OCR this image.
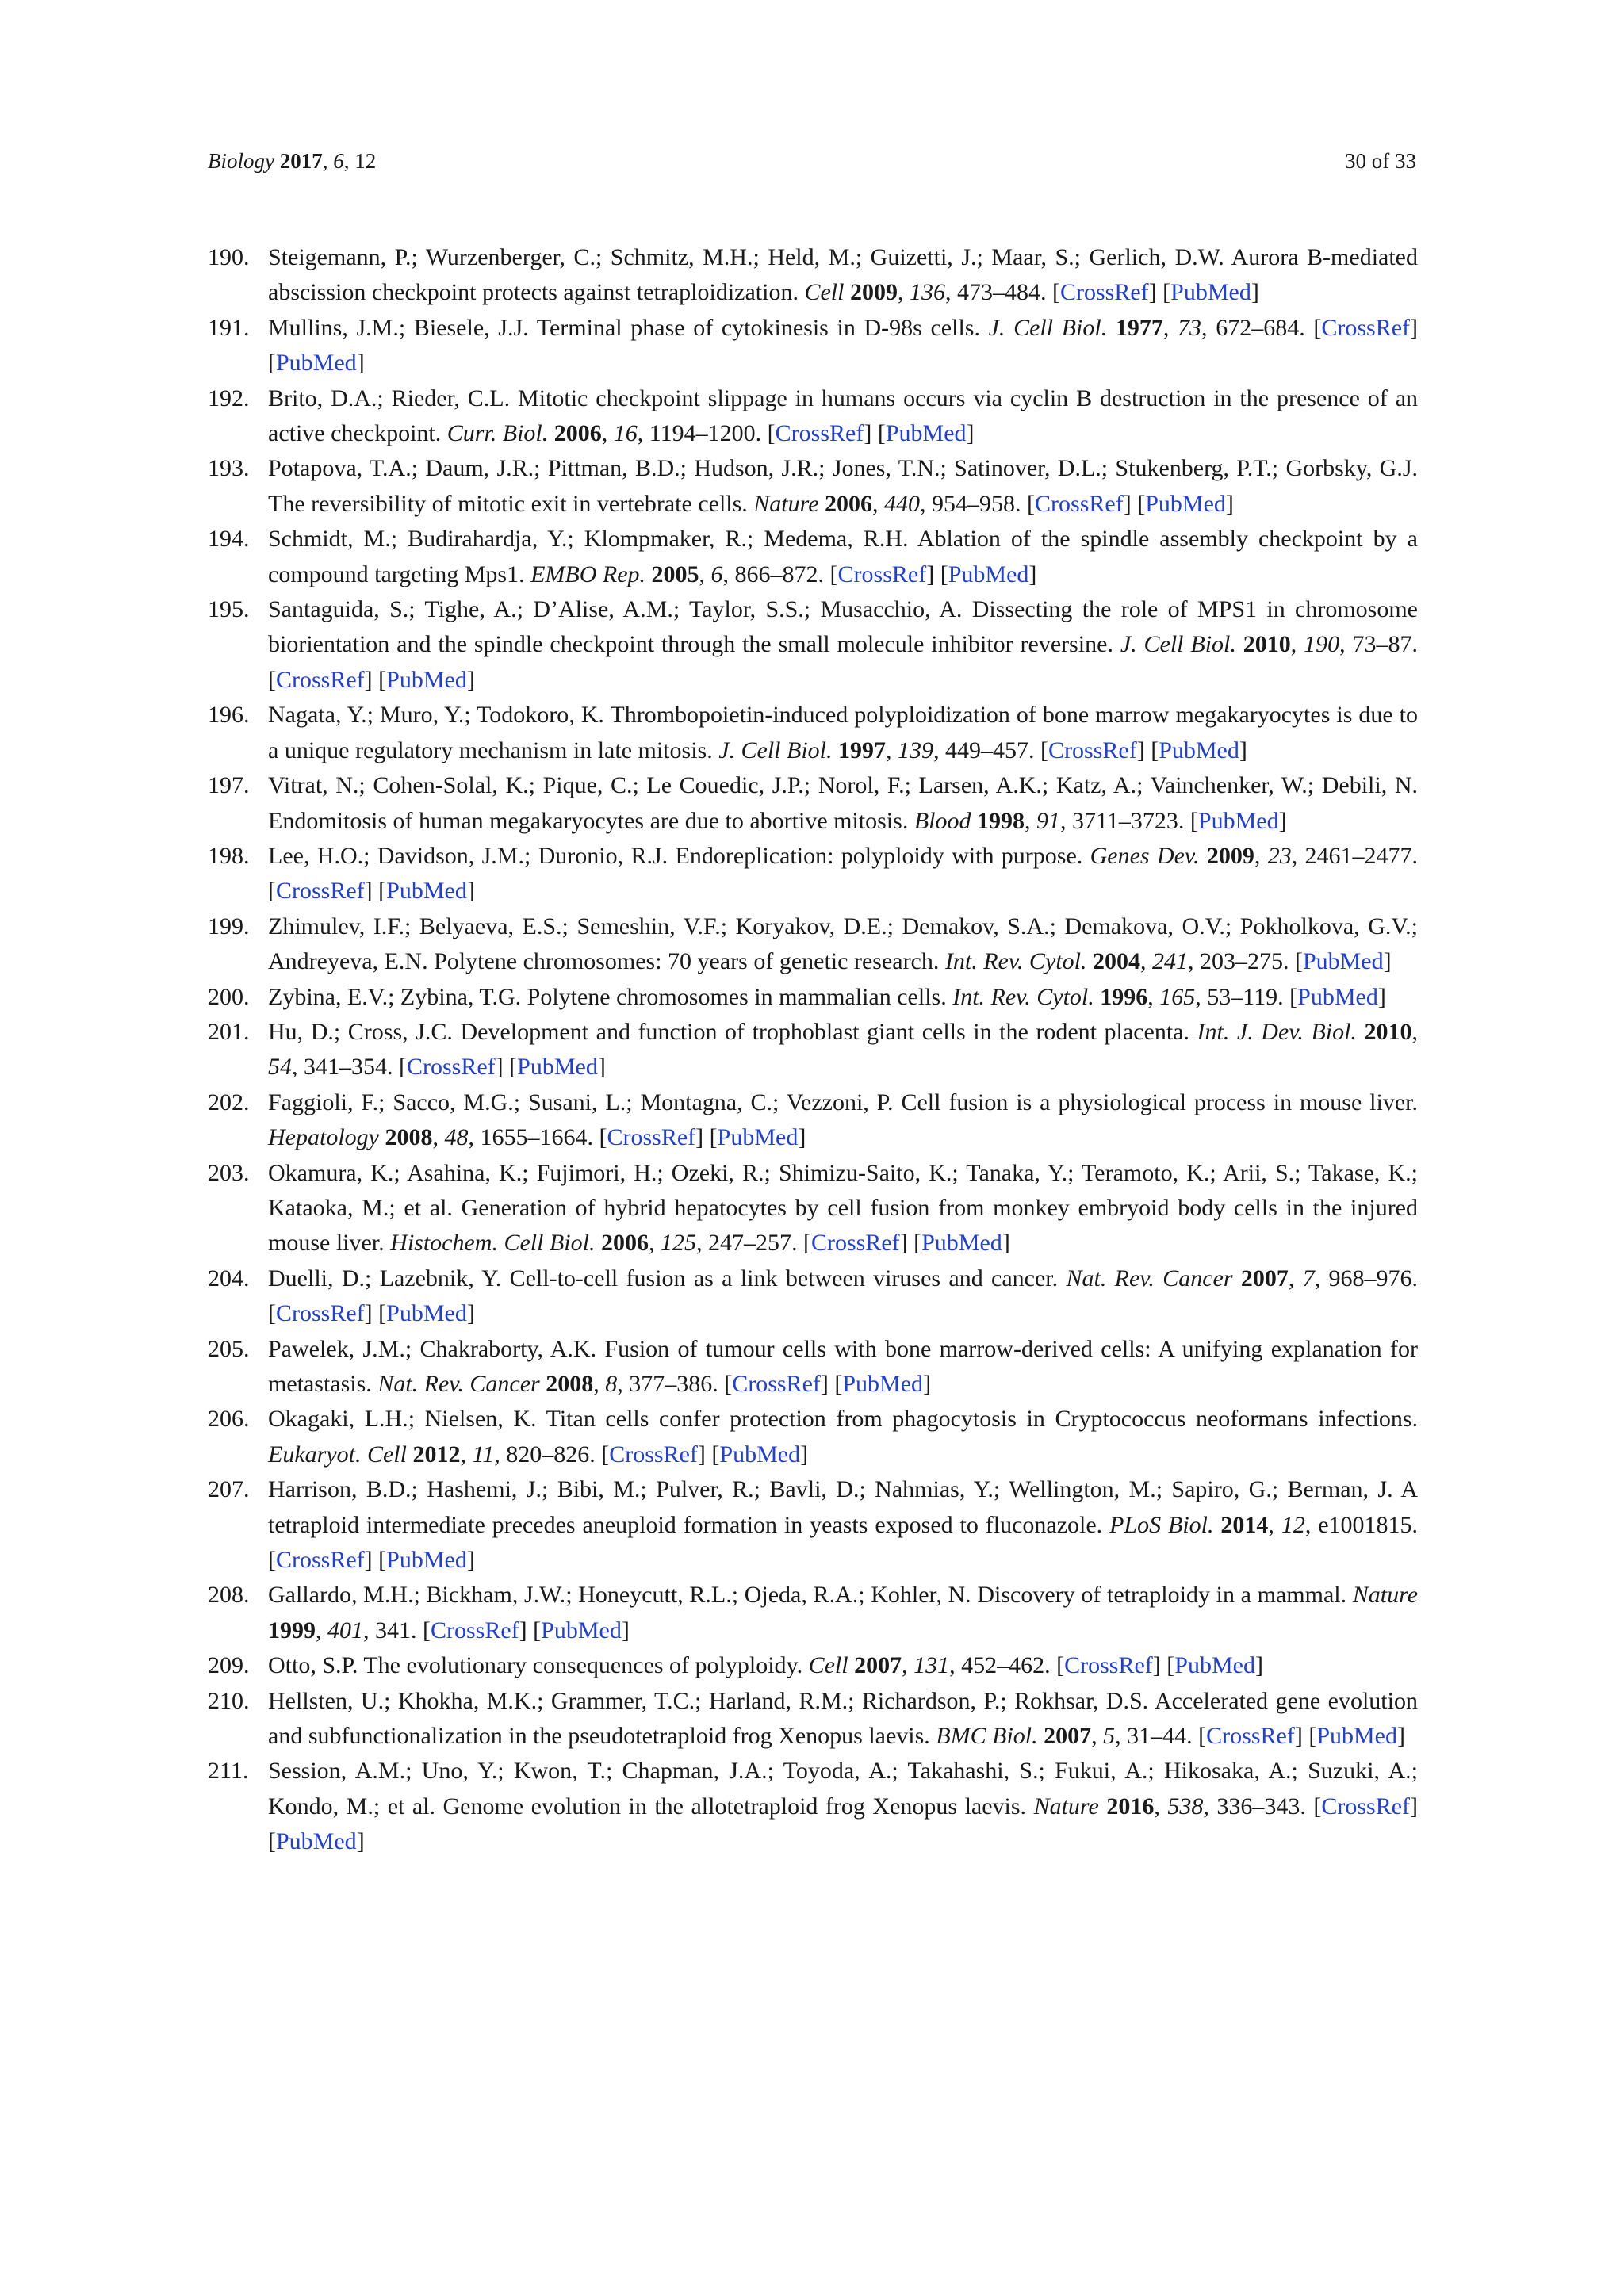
Biology 2017, 6, 12	30 of 33
190. Steigemann, P.; Wurzenberger, C.; Schmitz, M.H.; Held, M.; Guizetti, J.; Maar, S.; Gerlich, D.W. Aurora B-mediated abscission checkpoint protects against tetraploidization. Cell 2009, 136, 473–484. [CrossRef] [PubMed]
191. Mullins, J.M.; Biesele, J.J. Terminal phase of cytokinesis in D-98s cells. J. Cell Biol. 1977, 73, 672–684. [CrossRef] [PubMed]
192. Brito, D.A.; Rieder, C.L. Mitotic checkpoint slippage in humans occurs via cyclin B destruction in the presence of an active checkpoint. Curr. Biol. 2006, 16, 1194–1200. [CrossRef] [PubMed]
193. Potapova, T.A.; Daum, J.R.; Pittman, B.D.; Hudson, J.R.; Jones, T.N.; Satinover, D.L.; Stukenberg, P.T.; Gorbsky, G.J. The reversibility of mitotic exit in vertebrate cells. Nature 2006, 440, 954–958. [CrossRef] [PubMed]
194. Schmidt, M.; Budirahardja, Y.; Klompmaker, R.; Medema, R.H. Ablation of the spindle assembly checkpoint by a compound targeting Mps1. EMBO Rep. 2005, 6, 866–872. [CrossRef] [PubMed]
195. Santaguida, S.; Tighe, A.; D’Alise, A.M.; Taylor, S.S.; Musacchio, A. Dissecting the role of MPS1 in chromosome biorientation and the spindle checkpoint through the small molecule inhibitor reversine. J. Cell Biol. 2010, 190, 73–87. [CrossRef] [PubMed]
196. Nagata, Y.; Muro, Y.; Todokoro, K. Thrombopoietin-induced polyploidization of bone marrow megakaryocytes is due to a unique regulatory mechanism in late mitosis. J. Cell Biol. 1997, 139, 449–457. [CrossRef] [PubMed]
197. Vitrat, N.; Cohen-Solal, K.; Pique, C.; Le Couedic, J.P.; Norol, F.; Larsen, A.K.; Katz, A.; Vainchenker, W.; Debili, N. Endomitosis of human megakaryocytes are due to abortive mitosis. Blood 1998, 91, 3711–3723. [PubMed]
198. Lee, H.O.; Davidson, J.M.; Duronio, R.J. Endoreplication: polyploidy with purpose. Genes Dev. 2009, 23, 2461–2477. [CrossRef] [PubMed]
199. Zhimulev, I.F.; Belyaeva, E.S.; Semeshin, V.F.; Koryakov, D.E.; Demakov, S.A.; Demakova, O.V.; Pokholkova, G.V.; Andreyeva, E.N. Polytene chromosomes: 70 years of genetic research. Int. Rev. Cytol. 2004, 241, 203–275. [PubMed]
200. Zybina, E.V.; Zybina, T.G. Polytene chromosomes in mammalian cells. Int. Rev. Cytol. 1996, 165, 53–119. [PubMed]
201. Hu, D.; Cross, J.C. Development and function of trophoblast giant cells in the rodent placenta. Int. J. Dev. Biol. 2010, 54, 341–354. [CrossRef] [PubMed]
202. Faggioli, F.; Sacco, M.G.; Susani, L.; Montagna, C.; Vezzoni, P. Cell fusion is a physiological process in mouse liver. Hepatology 2008, 48, 1655–1664. [CrossRef] [PubMed]
203. Okamura, K.; Asahina, K.; Fujimori, H.; Ozeki, R.; Shimizu-Saito, K.; Tanaka, Y.; Teramoto, K.; Arii, S.; Takase, K.; Kataoka, M.; et al. Generation of hybrid hepatocytes by cell fusion from monkey embryoid body cells in the injured mouse liver. Histochem. Cell Biol. 2006, 125, 247–257. [CrossRef] [PubMed]
204. Duelli, D.; Lazebnik, Y. Cell-to-cell fusion as a link between viruses and cancer. Nat. Rev. Cancer 2007, 7, 968–976. [CrossRef] [PubMed]
205. Pawelek, J.M.; Chakraborty, A.K. Fusion of tumour cells with bone marrow-derived cells: A unifying explanation for metastasis. Nat. Rev. Cancer 2008, 8, 377–386. [CrossRef] [PubMed]
206. Okagaki, L.H.; Nielsen, K. Titan cells confer protection from phagocytosis in Cryptococcus neoformans infections. Eukaryot. Cell 2012, 11, 820–826. [CrossRef] [PubMed]
207. Harrison, B.D.; Hashemi, J.; Bibi, M.; Pulver, R.; Bavli, D.; Nahmias, Y.; Wellington, M.; Sapiro, G.; Berman, J. A tetraploid intermediate precedes aneuploid formation in yeasts exposed to fluconazole. PLoS Biol. 2014, 12, e1001815. [CrossRef] [PubMed]
208. Gallardo, M.H.; Bickham, J.W.; Honeycutt, R.L.; Ojeda, R.A.; Kohler, N. Discovery of tetraploidy in a mammal. Nature 1999, 401, 341. [CrossRef] [PubMed]
209. Otto, S.P. The evolutionary consequences of polyploidy. Cell 2007, 131, 452–462. [CrossRef] [PubMed]
210. Hellsten, U.; Khokha, M.K.; Grammer, T.C.; Harland, R.M.; Richardson, P.; Rokhsar, D.S. Accelerated gene evolution and subfunctionalization in the pseudotetraploid frog Xenopus laevis. BMC Biol. 2007, 5, 31–44. [CrossRef] [PubMed]
211. Session, A.M.; Uno, Y.; Kwon, T.; Chapman, J.A.; Toyoda, A.; Takahashi, S.; Fukui, A.; Hikosaka, A.; Suzuki, A.; Kondo, M.; et al. Genome evolution in the allotetraploid frog Xenopus laevis. Nature 2016, 538, 336–343. [CrossRef] [PubMed]
